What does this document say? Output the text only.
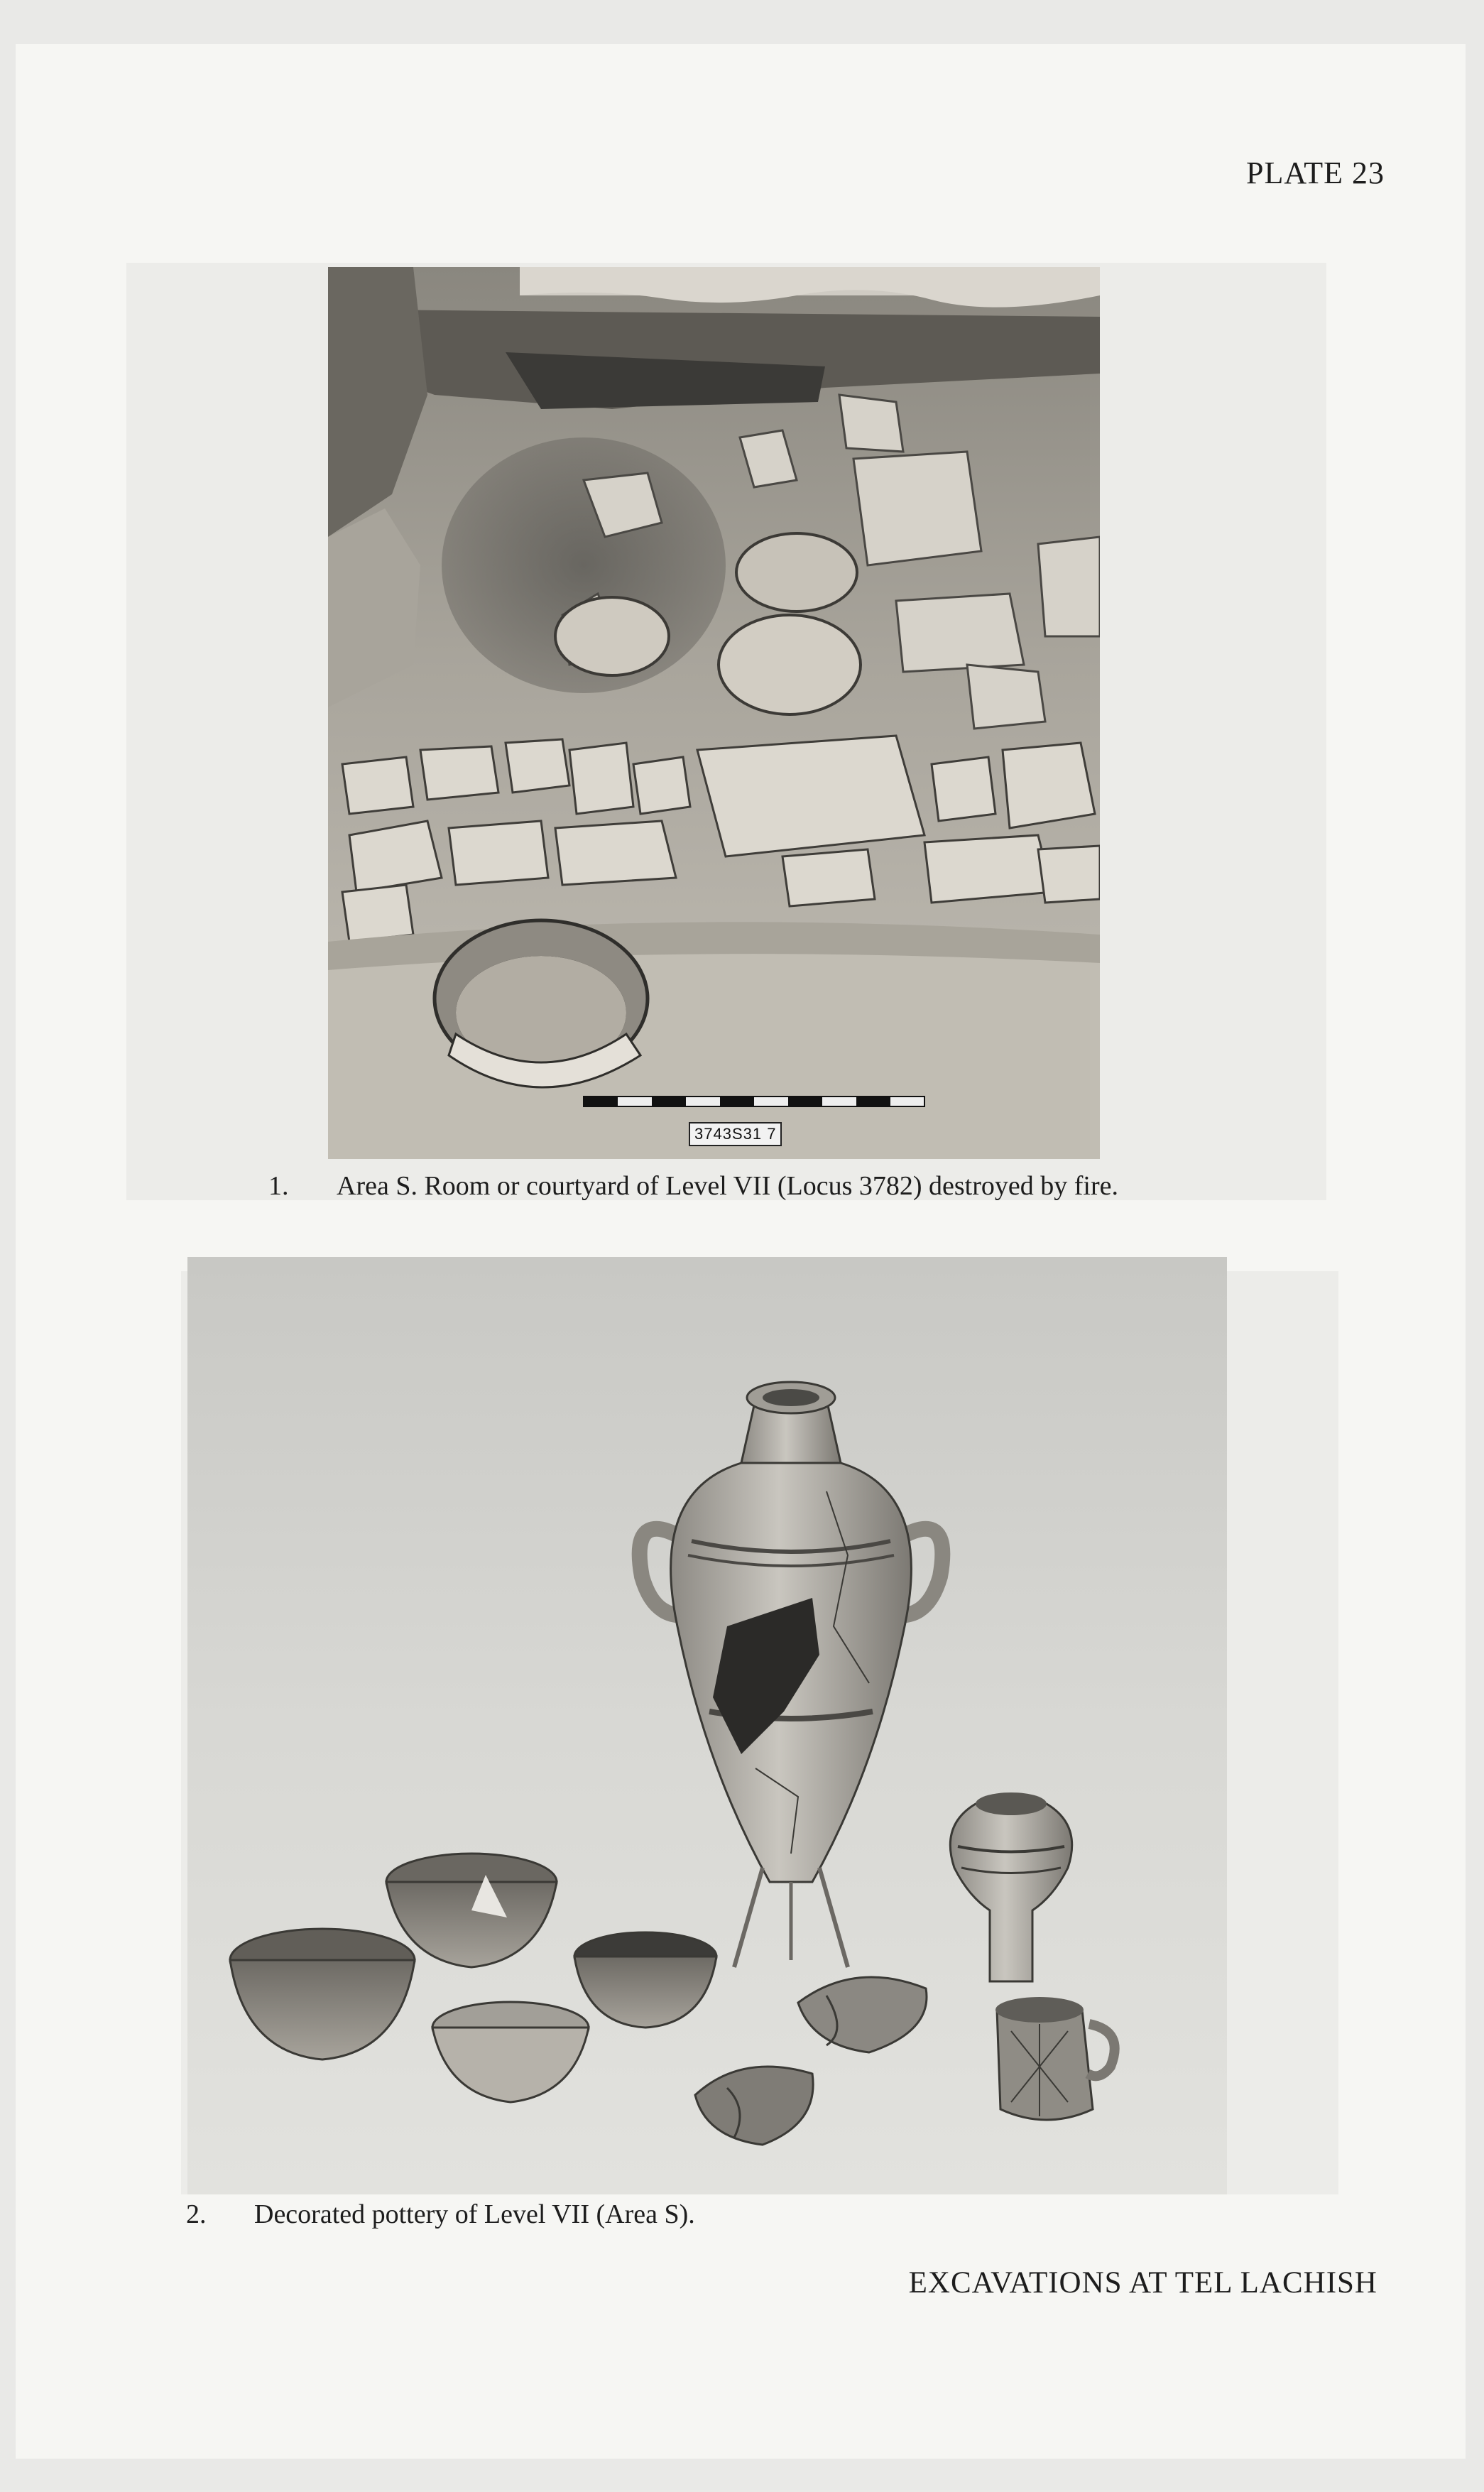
PLATE 23
3743S31 7
1. Area S. Room or courtyard of Level VII (Locus 3782) destroyed by fire.
2. Decorated pottery of Level VII (Area S).
EXCAVATIONS AT TEL LACHISH
